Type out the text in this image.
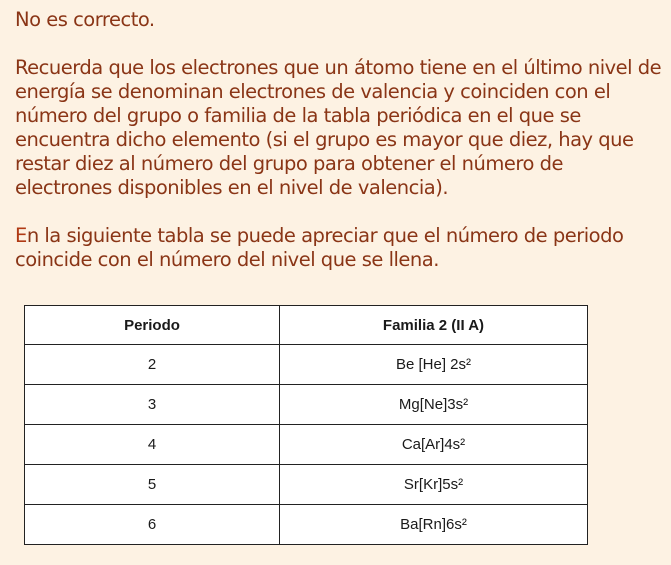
No es correcto.

Recuerda que los electrones que un átomo tiene en el último nivel de energía se denominan electrones de valencia y coinciden con el número del grupo o familia de la tabla periódica en el que se encuentra dicho elemento (si el grupo es mayor que diez, hay que restar diez al número del grupo para obtener el número de electrones disponibles en el nivel de valencia).

En la siguiente tabla se puede apreciar que el número de periodo coincide con el número del nivel que se llena.

Periodo	Familia 2 (II A)
2	Be [He] 2s²
3	Mg[Ne]3s²
4	Ca[Ar]4s²
5	Sr[Kr]5s²
6	Ba[Rn]6s²
